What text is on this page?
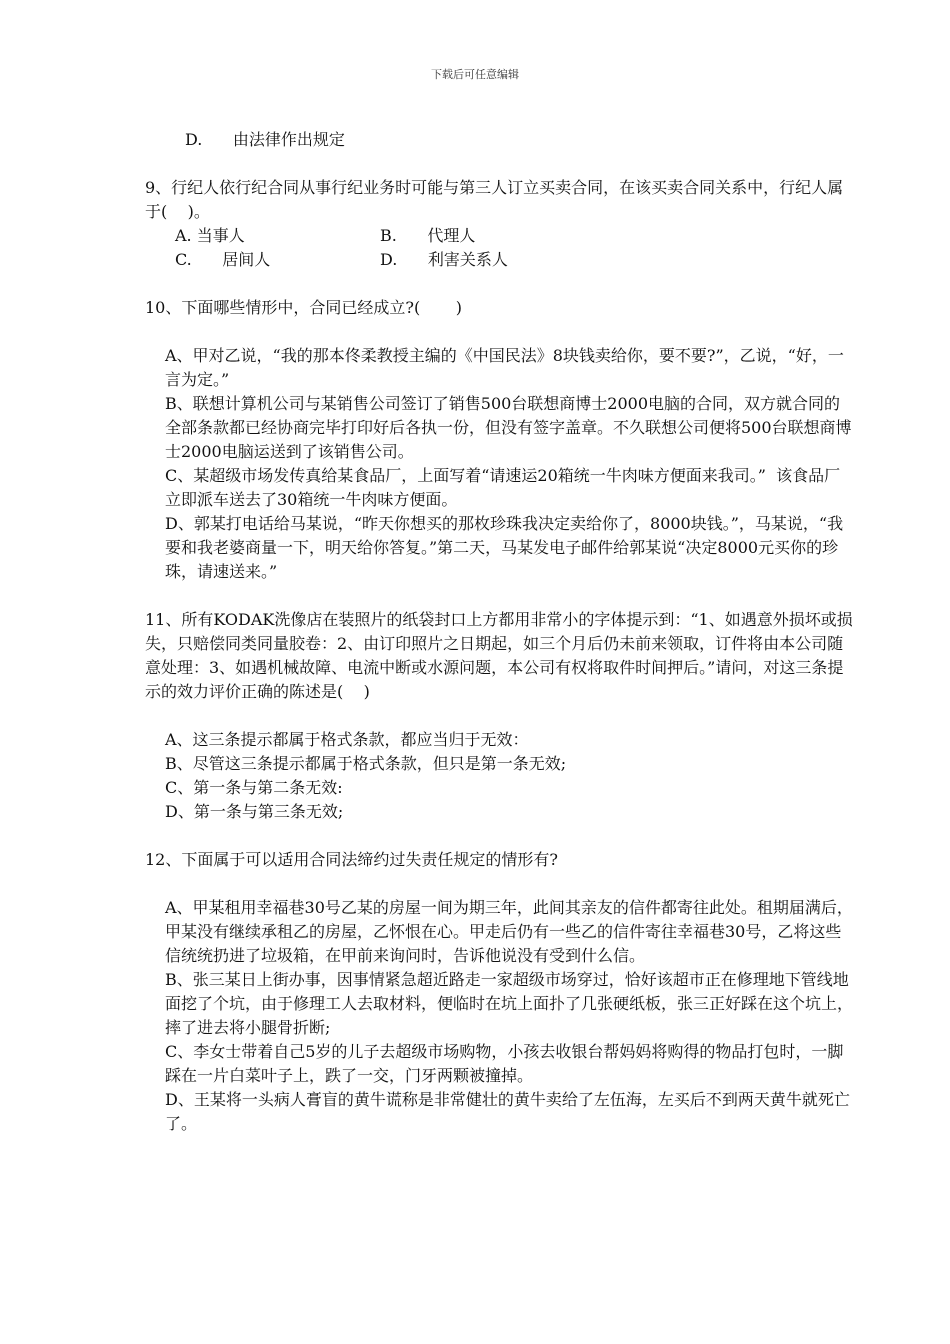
下载后可任意编辑

D.      由法律作出规定

9、行纪人依行纪合同从事行纪业务时可能与第三人订立买卖合同，在该买卖合同关系中，行纪人属于(    )。

A. 当事人	B.      代理人

C.      居间人	D.      利害关系人

10、下面哪些情形中，合同已经成立?(       )

A、甲对乙说，“我的那本佟柔教授主编的《中国民法》8块钱卖给你，要不要?”，乙说，“好，一言为定。”

B、联想计算机公司与某销售公司签订了销售500台联想商博士2000电脑的合同，双方就合同的全部条款都已经协商完毕打印好后各执一份，但没有签字盖章。不久联想公司便将500台联想商博士2000电脑运送到了该销售公司。

C、某超级市场发传真给某食品厂，上面写着“请速运20箱统一牛肉味方便面来我司。”  该食品厂立即派车送去了30箱统一牛肉味方便面。

D、郭某打电话给马某说，“昨天你想买的那枚珍珠我决定卖给你了，8000块钱。”，马某说，“我要和我老婆商量一下，明天给你答复。”第二天，马某发电子邮件给郭某说“决定8000元买你的珍珠，请速送来。”

11、所有KODAK洗像店在装照片的纸袋封口上方都用非常小的字体提示到：“1、如遇意外损坏或损失，只赔偿同类同量胶卷：2、由订印照片之日期起，如三个月后仍未前来领取，订件将由本公司随意处理：3、如遇机械故障、电流中断或水源问题，本公司有权将取件时间押后。”请问，对这三条提示的效力评价正确的陈述是(    )

A、这三条提示都属于格式条款，都应当归于无效：

B、尽管这三条提示都属于格式条款，但只是第一条无效;

C、第一条与第二条无效:

D、第一条与第三条无效;

12、下面属于可以适用合同法缔约过失责任规定的情形有?

A、甲某租用幸福巷30号乙某的房屋一间为期三年，此间其亲友的信件都寄往此处。租期届满后，甲某没有继续承租乙的房屋，乙怀恨在心。甲走后仍有一些乙的信件寄往幸福巷30号，乙将这些信统统扔进了垃圾箱，在甲前来询问时，告诉他说没有受到什么信。

B、张三某日上街办事，因事情紧急超近路走一家超级市场穿过，恰好该超市正在修理地下管线地面挖了个坑，由于修理工人去取材料，便临时在坑上面扑了几张硬纸板，张三正好踩在这个坑上，摔了进去将小腿骨折断;

C、李女士带着自己5岁的儿子去超级市场购物，小孩去收银台帮妈妈将购得的物品打包时，一脚踩在一片白菜叶子上，跌了一交，门牙两颗被撞掉。

D、王某将一头病人膏盲的黄牛谎称是非常健壮的黄牛卖给了左伍海，左买后不到两天黄牛就死亡了。
